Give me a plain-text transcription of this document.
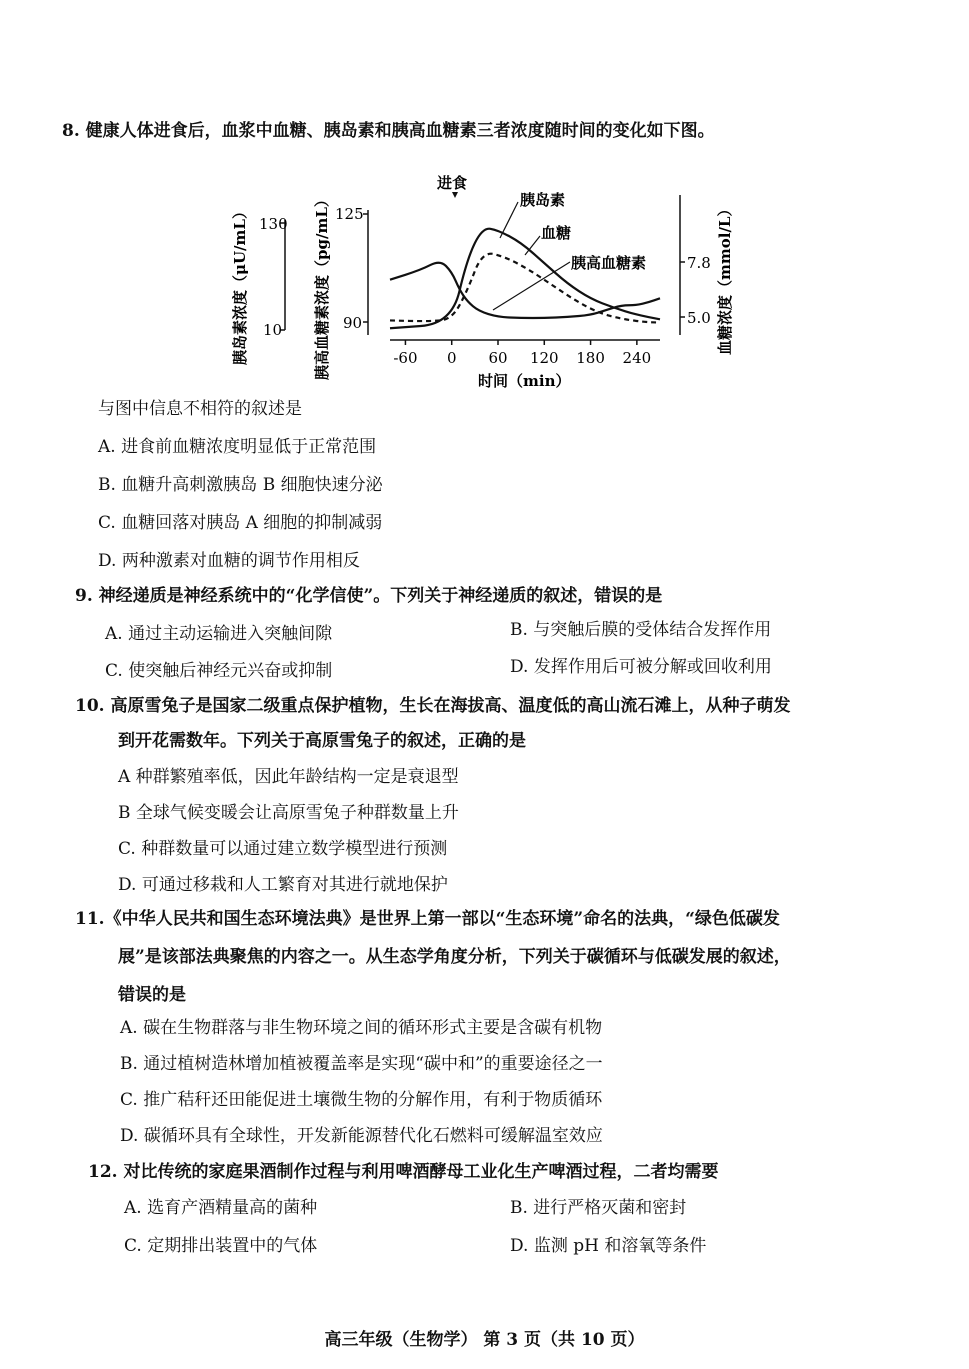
8. 健康人体进食后，血浆中血糖、胰岛素和胰高血糖素三者浓度随时间的变化如下图。
胰岛素浓度（μU/mL）	胰高血糖素浓度（pg/mL）	血糖浓度（mmol/L）
130
10
125
90
7.8
5.0
-60 0 60 120 180 240
时间（min）
进食
胰岛素
血糖
胰高血糖素
与图中信息不相符的叙述是
A. 进食前血糖浓度明显低于正常范围
B. 血糖升高刺激胰岛 B 细胞快速分泌
C. 血糖回落对胰岛 A 细胞的抑制减弱
D. 两种激素对血糖的调节作用相反
9. 神经递质是神经系统中的“化学信使”。下列关于神经递质的叙述，错误的是
A. 通过主动运输进入突触间隙	B. 与突触后膜的受体结合发挥作用
C. 使突触后神经元兴奋或抑制	D. 发挥作用后可被分解或回收利用
10. 高原雪兔子是国家二级重点保护植物，生长在海拔高、温度低的高山流石滩上，从种子萌发
到开花需数年。下列关于高原雪兔子的叙述，正确的是
A 种群繁殖率低，因此年龄结构一定是衰退型
B 全球气候变暖会让高原雪兔子种群数量上升
C. 种群数量可以通过建立数学模型进行预测
D. 可通过移栽和人工繁育对其进行就地保护
11.《中华人民共和国生态环境法典》是世界上第一部以“生态环境”命名的法典，“绿色低碳发
展”是该部法典聚焦的内容之一。从生态学角度分析，下列关于碳循环与低碳发展的叙述，
错误的是
A. 碳在生物群落与非生物环境之间的循环形式主要是含碳有机物
B. 通过植树造林增加植被覆盖率是实现“碳中和”的重要途径之一
C. 推广秸秆还田能促进土壤微生物的分解作用，有利于物质循环
D. 碳循环具有全球性，开发新能源替代化石燃料可缓解温室效应
12. 对比传统的家庭果酒制作过程与利用啤酒酵母工业化生产啤酒过程，二者均需要
A. 选育产酒精量高的菌种	B. 进行严格灭菌和密封
C. 定期排出装置中的气体	D. 监测 pH 和溶氧等条件
高三年级（生物学） 第 3 页（共 10 页）
